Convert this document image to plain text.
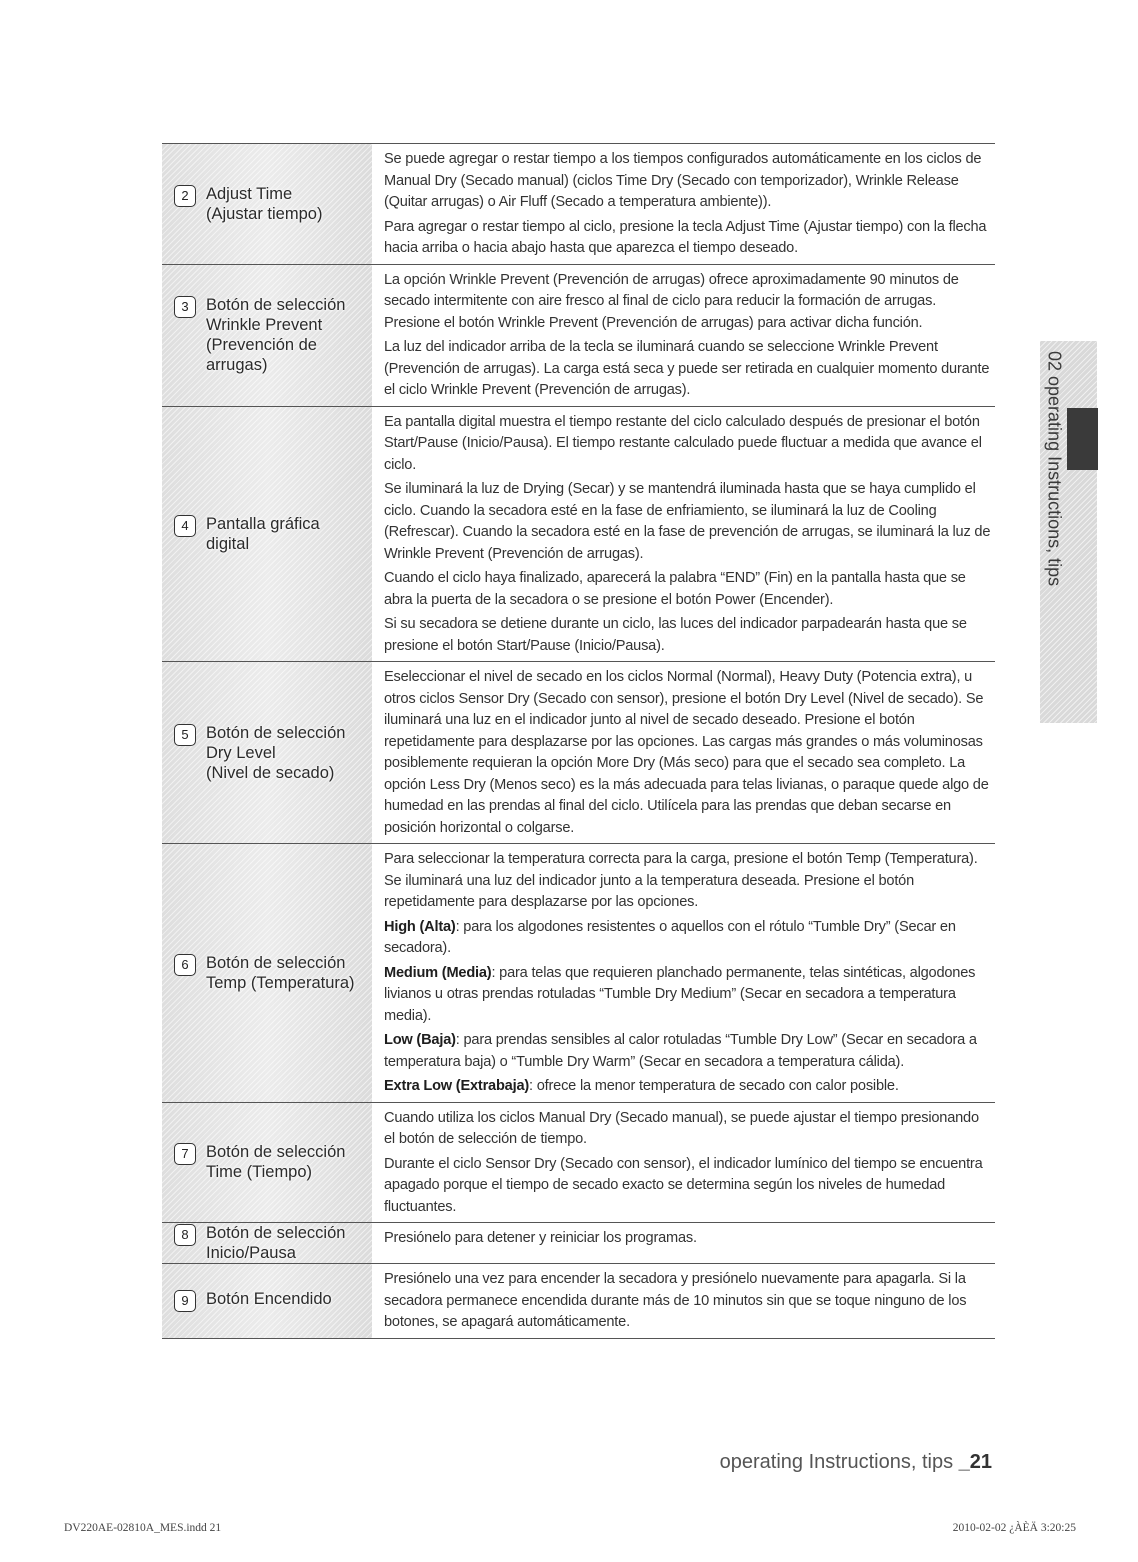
2	Adjust Time
(Ajustar tiempo)

Se puede agregar o restar tiempo a los tiempos configurados automáticamente en los ciclos de Manual Dry (Secado manual) (ciclos Time Dry (Secado con temporizador), Wrinkle Release (Quitar arrugas) o Air Fluff (Secado a temperatura ambiente)).

Para agregar o restar tiempo al ciclo, presione la tecla Adjust Time (Ajustar tiempo) con la flecha hacia arriba o hacia abajo hasta que aparezca el tiempo deseado.

3	Botón de selección
Wrinkle Prevent
(Prevención de
arrugas)

La opción Wrinkle Prevent (Prevención de arrugas) ofrece aproximadamente 90 minutos de secado intermitente con aire fresco al final de ciclo para reducir la formación de arrugas. Presione el botón Wrinkle Prevent (Prevención de arrugas) para activar dicha función.

La luz del indicador arriba de la tecla se iluminará cuando se seleccione Wrinkle Prevent (Prevención de arrugas). La carga está seca y puede ser retirada en cualquier momento durante el ciclo Wrinkle Prevent (Prevención de arrugas).

4	Pantalla gráfica
digital

Ea pantalla digital muestra el tiempo restante del ciclo calculado después de presionar el botón Start/Pause (Inicio/Pausa). El tiempo restante calculado puede fluctuar a medida que avance el ciclo.

Se iluminará la luz de Drying (Secar) y se mantendrá iluminada hasta que se haya cumplido el ciclo. Cuando la secadora esté en la fase de enfriamiento, se iluminará la luz de Cooling (Refrescar). Cuando la secadora esté en la fase de prevención de arrugas, se iluminará la luz de Wrinkle Prevent (Prevención de arrugas).

Cuando el ciclo haya finalizado, aparecerá la palabra “END” (Fin) en la pantalla hasta que se abra la puerta de la secadora o se presione el botón Power (Encender).

Si su secadora se detiene durante un ciclo, las luces del indicador parpadearán hasta que se presione el botón Start/Pause (Inicio/Pausa).

5	Botón de selección
Dry Level
(Nivel de secado)

Eseleccionar el nivel de secado en los ciclos Normal (Normal), Heavy Duty (Potencia extra), u otros ciclos Sensor Dry (Secado con sensor), presione el botón Dry Level (Nivel de secado). Se iluminará una luz en el indicador junto al nivel de secado deseado. Presione el botón repetidamente para desplazarse por las opciones. Las cargas más grandes o más voluminosas posiblemente requieran la opción More Dry (Más seco) para que el secado sea completo. La opción Less Dry (Menos seco) es la más adecuada para telas livianas, o paraque quede algo de humedad en las prendas al final del ciclo. Utilícela para las prendas que deban secarse en posición horizontal o colgarse.

6	Botón de selección
Temp (Temperatura)

Para seleccionar la temperatura correcta para la carga, presione el botón Temp (Temperatura). Se iluminará una luz del indicador junto a la temperatura deseada. Presione el botón repetidamente para desplazarse por las opciones.

High (Alta): para los algodones resistentes o aquellos con el rótulo “Tumble Dry” (Secar en secadora).

Medium (Media): para telas que requieren planchado permanente, telas sintéticas, algodones livianos u otras prendas rotuladas “Tumble Dry Medium” (Secar en secadora a temperatura media).

Low (Baja): para prendas sensibles al calor rotuladas “Tumble Dry Low” (Secar en secadora a temperatura baja) o “Tumble Dry Warm” (Secar en secadora a temperatura cálida).

Extra Low (Extrabaja): ofrece la menor temperatura de secado con calor posible.

7	Botón de selección
Time (Tiempo)

Cuando utiliza los ciclos Manual Dry (Secado manual), se puede ajustar el tiempo presionando el botón de selección de tiempo.

Durante el ciclo Sensor Dry (Secado con sensor), el indicador lumínico del tiempo se encuentra apagado porque el tiempo de secado exacto se determina según los niveles de humedad fluctuantes.

8	Botón de selección
Inicio/Pausa

Presiónelo para detener y reiniciar los programas.

9	Botón Encendido

Presiónelo una vez para encender la secadora y presiónelo nuevamente para apagarla. Si la secadora permanece encendida durante más de 10 minutos sin que se toque ninguno de los botones, se apagará automáticamente.

02 operating Instructions, tips
operating Instructions, tips _21
DV220AE-02810A_MES.indd 21	2010-02-02 ¿ÀÈÄ 3:20:25
